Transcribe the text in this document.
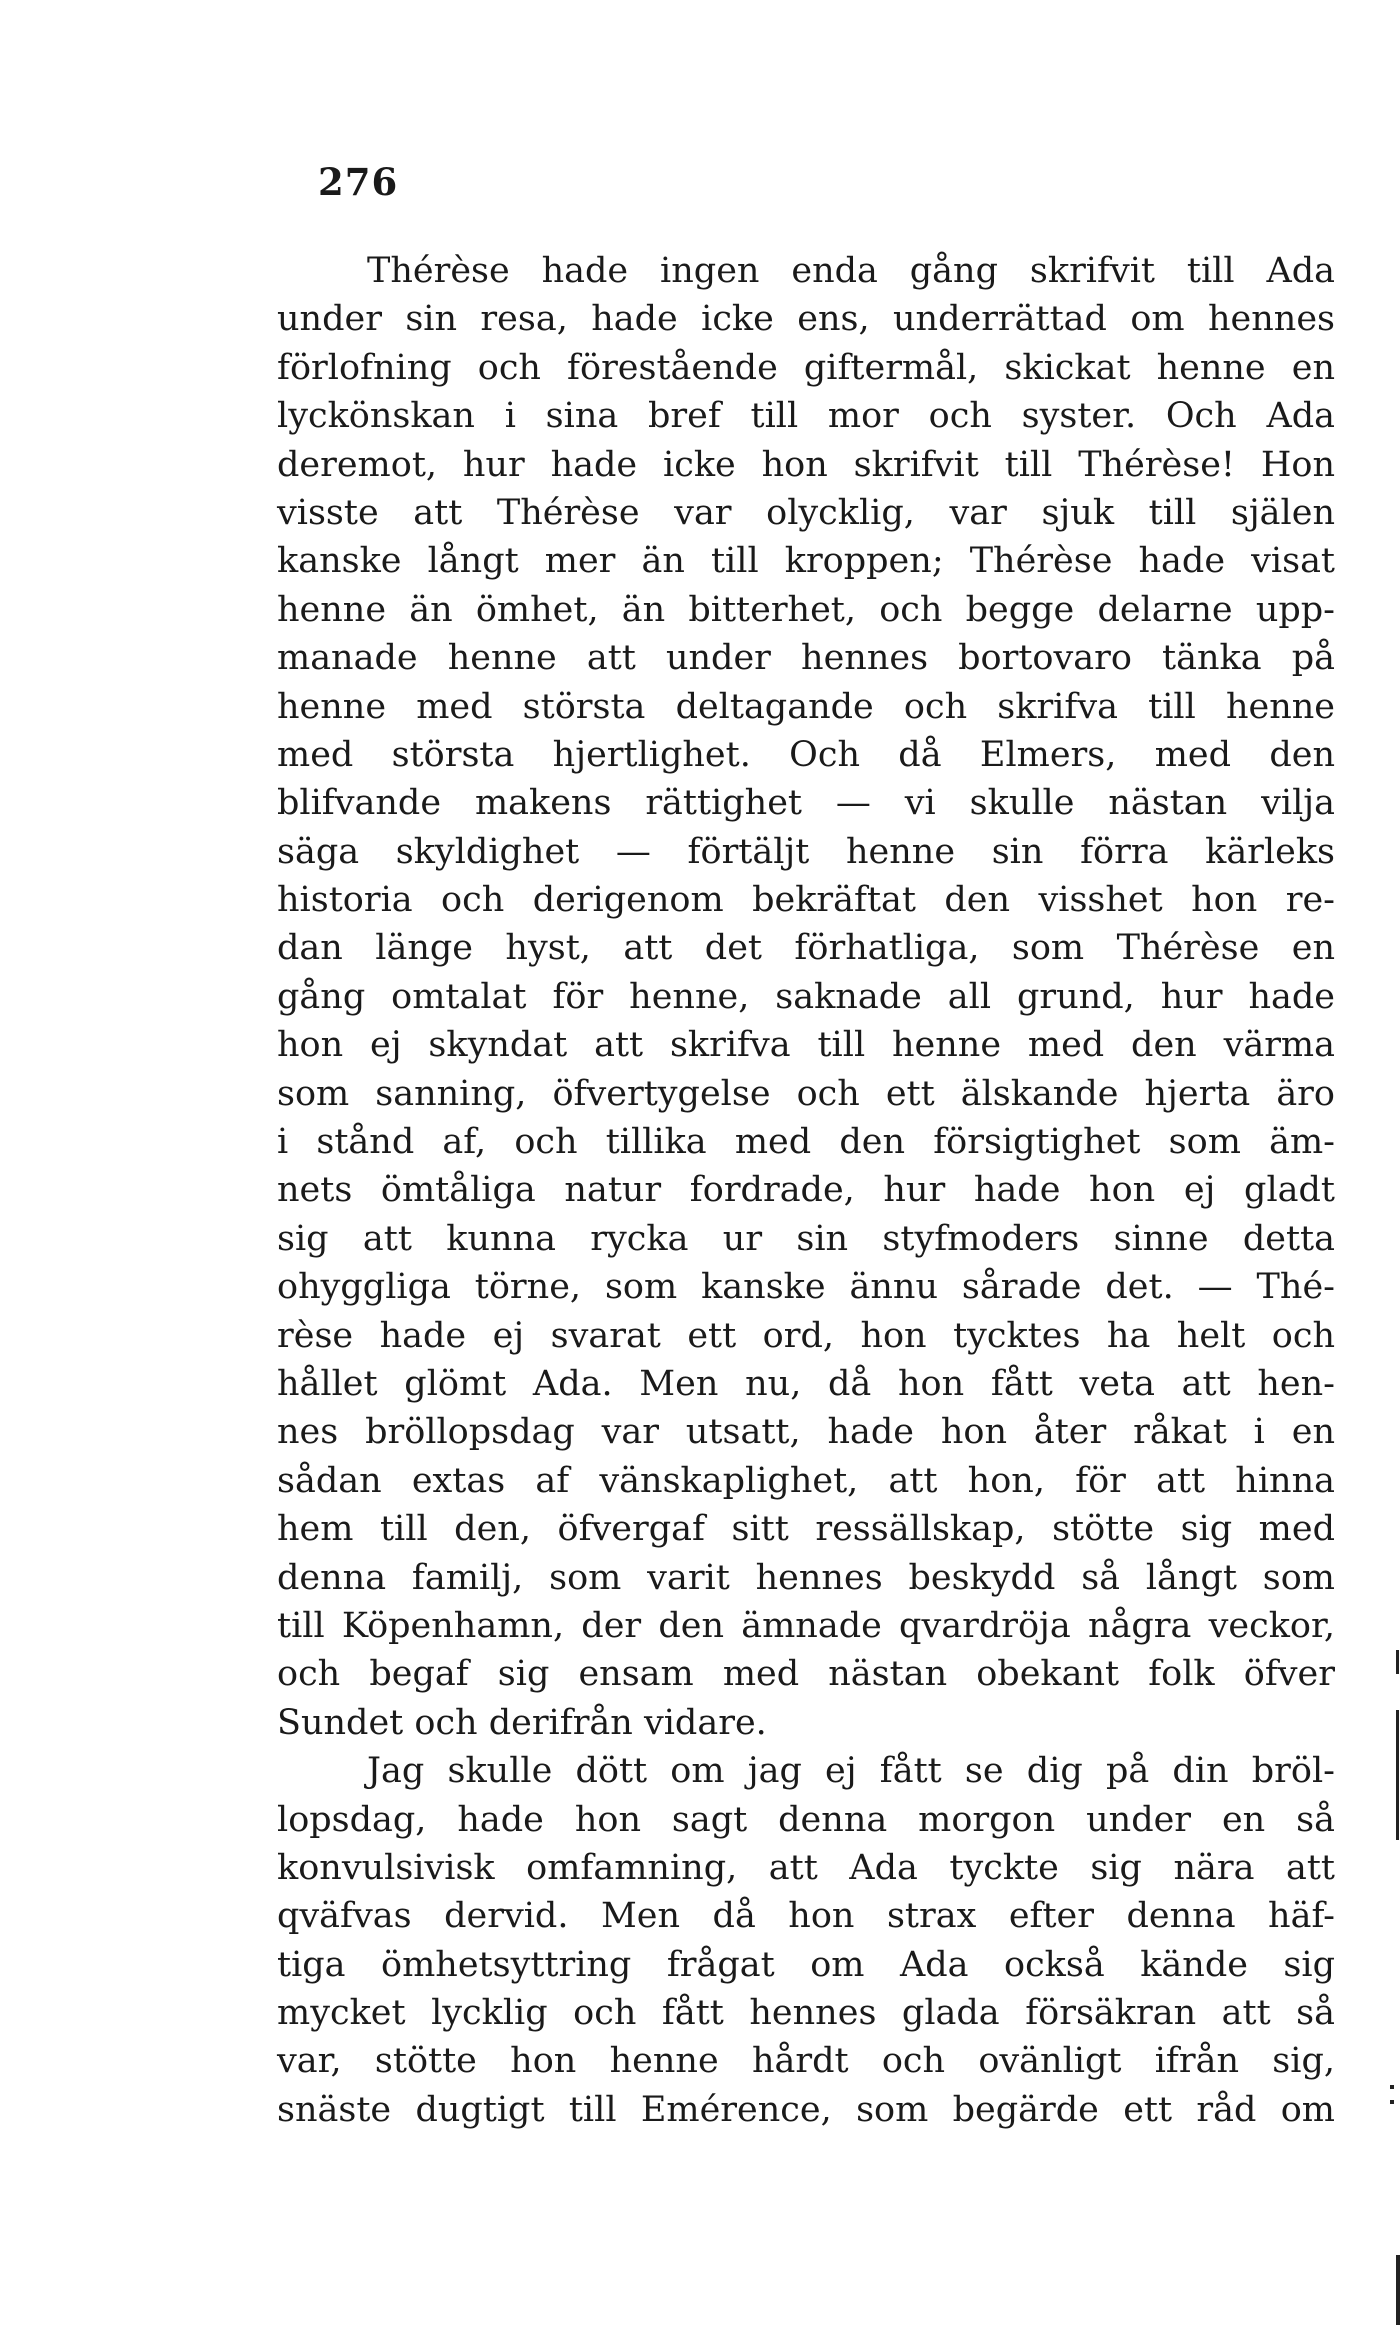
276
Thérèse hade ingen enda gång skrifvit till Ada
under sin resa, hade icke ens, underrättad om hennes
förlofning och förestående giftermål, skickat henne en
lyckönskan i sina bref till mor och syster. Och Ada
deremot, hur hade icke hon skrifvit till Thérèse! Hon
visste att Thérèse var olycklig, var sjuk till själen
kanske långt mer än till kroppen; Thérèse hade visat
henne än ömhet, än bitterhet, och begge delarne upp-
manade henne att under hennes bortovaro tänka på
henne med största deltagande och skrifva till henne
med största hjertlighet. Och då Elmers, med den
blifvande makens rättighet — vi skulle nästan vilja
säga skyldighet — förtäljt henne sin förra kärleks
historia och derigenom bekräftat den visshet hon re-
dan länge hyst, att det förhatliga, som Thérèse en
gång omtalat för henne, saknade all grund, hur hade
hon ej skyndat att skrifva till henne med den värma
som sanning, öfvertygelse och ett älskande hjerta äro
i stånd af, och tillika med den försigtighet som äm-
nets ömtåliga natur fordrade, hur hade hon ej gladt
sig att kunna rycka ur sin styfmoders sinne detta
ohyggliga törne, som kanske ännu sårade det. — Thé-
rèse hade ej svarat ett ord, hon tycktes ha helt och
hållet glömt Ada. Men nu, då hon fått veta att hen-
nes bröllopsdag var utsatt, hade hon åter råkat i en
sådan extas af vänskaplighet, att hon, för att hinna
hem till den, öfvergaf sitt ressällskap, stötte sig med
denna familj, som varit hennes beskydd så långt som
till Köpenhamn, der den ämnade qvardröja några veckor,
och begaf sig ensam med nästan obekant folk öfver
Sundet och derifrån vidare.
Jag skulle dött om jag ej fått se dig på din bröl-
lopsdag, hade hon sagt denna morgon under en så
konvulsivisk omfamning, att Ada tyckte sig nära att
qväfvas dervid. Men då hon strax efter denna häf-
tiga ömhetsyttring frågat om Ada också kände sig
mycket lycklig och fått hennes glada försäkran att så
var, stötte hon henne hårdt och ovänligt ifrån sig,
snäste dugtigt till Emérence, som begärde ett råd om
